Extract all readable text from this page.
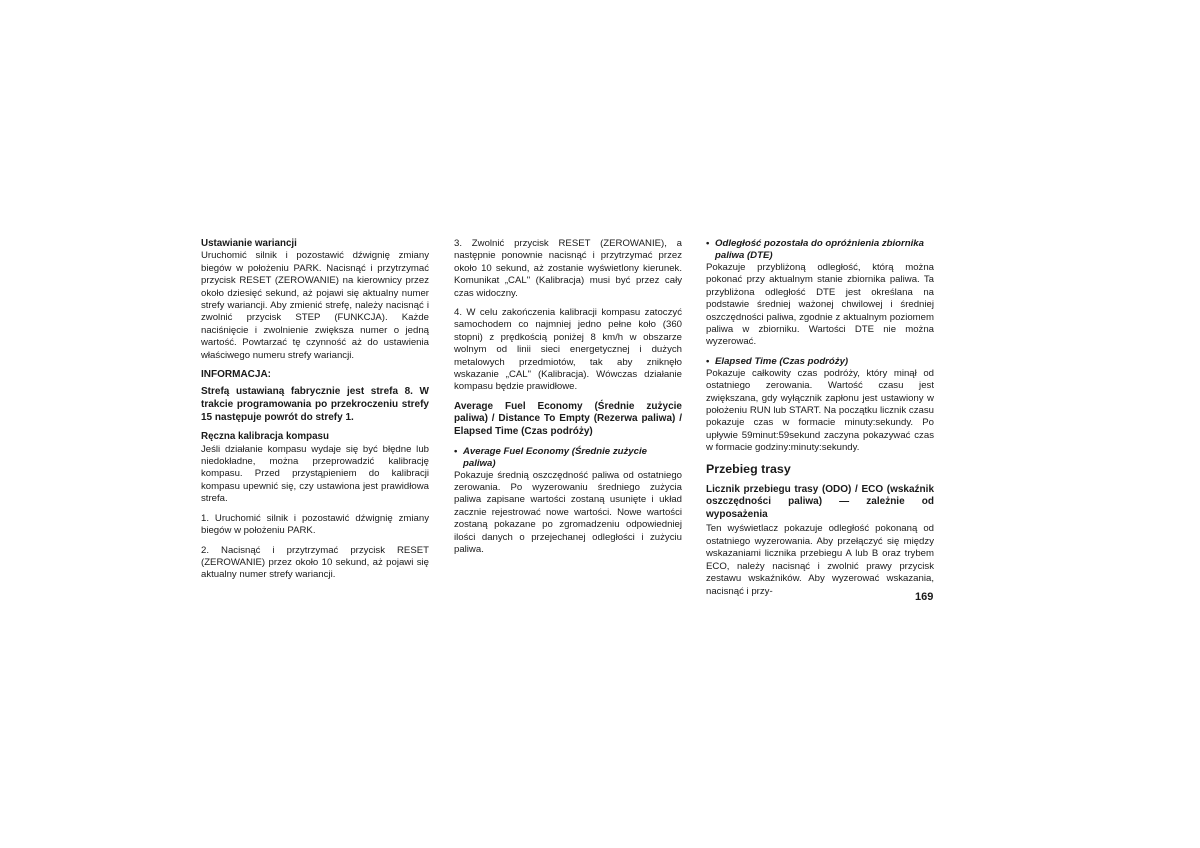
Ustawianie wariancji

Uruchomić silnik i pozostawić dźwignię zmiany biegów w położeniu PARK. Nacisnąć i przytrzymać przycisk RESET (ZEROWANIE) na kierownicy przez około dziesięć sekund, aż pojawi się aktualny numer strefy wariancji. Aby zmienić strefę, należy nacisnąć i zwolnić przycisk STEP (FUNKCJA). Każde naciśnięcie i zwolnienie zwiększa numer o jedną wartość. Powtarzać tę czynność aż do ustawienia właściwego numeru strefy wariancji.

INFORMACJA:

Strefą ustawianą fabrycznie jest strefa 8. W trakcie programowania po przekroczeniu strefy 15 następuje powrót do strefy 1.

Ręczna kalibracja kompasu

Jeśli działanie kompasu wydaje się być błędne lub niedokładne, można przeprowadzić kalibrację kompasu. Przed przystąpieniem do kalibracji kompasu upewnić się, czy ustawiona jest prawidłowa strefa.

1. Uruchomić silnik i pozostawić dźwignię zmiany biegów w położeniu PARK.

2. Nacisnąć i przytrzymać przycisk RESET (ZEROWANIE) przez około 10 sekund, aż pojawi się aktualny numer strefy wariancji.

3. Zwolnić przycisk RESET (ZEROWANIE), a następnie ponownie nacisnąć i przytrzymać przez około 10 sekund, aż zostanie wyświetlony kierunek. Komunikat „CAL" (Kalibracja) musi być przez cały czas widoczny.

4. W celu zakończenia kalibracji kompasu zatoczyć samochodem co najmniej jedno pełne koło (360 stopni) z prędkością poniżej 8 km/h w obszarze wolnym od linii sieci energetycznej i dużych metalowych przedmiotów, tak aby zniknęło wskazanie „CAL" (Kalibracja). Wówczas działanie kompasu będzie prawidłowe.

Average Fuel Economy (Średnie zużycie paliwa) / Distance To Empty (Rezerwa paliwa) / Elapsed Time (Czas podróży)

• Average Fuel Economy (Średnie zużycie paliwa)

Pokazuje średnią oszczędność paliwa od ostatniego zerowania. Po wyzerowaniu średniego zużycia paliwa zapisane wartości zostaną usunięte i układ zacznie rejestrować nowe wartości. Nowe wartości zostaną pokazane po zgromadzeniu odpowiedniej ilości danych o przejechanej odległości i zużyciu paliwa.

• Odległość pozostała do opróżnienia zbiornika paliwa (DTE)

Pokazuje przybliżoną odległość, którą można pokonać przy aktualnym stanie zbiornika paliwa. Ta przybliżona odległość DTE jest określana na podstawie średniej ważonej chwilowej i średniej oszczędności paliwa, zgodnie z aktualnym poziomem paliwa w zbiorniku. Wartości DTE nie można wyzerować.

• Elapsed Time (Czas podróży)

Pokazuje całkowity czas podróży, który minął od ostatniego zerowania. Wartość czasu jest zwiększana, gdy wyłącznik zapłonu jest ustawiony w położeniu RUN lub START. Na początku licznik czasu pokazuje czas w formacie minuty:sekundy. Po upływie 59minut:59sekund zaczyna pokazywać czas w formacie godziny:minuty:sekundy.

Przebieg trasy

Licznik przebiegu trasy (ODO) / ECO (wskaźnik oszczędności paliwa) — zależnie od wyposażenia

Ten wyświetlacz pokazuje odległość pokonaną od ostatniego wyzerowania. Aby przełączyć się między wskazaniami licznika przebiegu A lub B oraz trybem ECO, należy nacisnąć i zwolnić prawy przycisk zestawu wskaźników. Aby wyzerować wskazania, nacisnąć i przy-	169
